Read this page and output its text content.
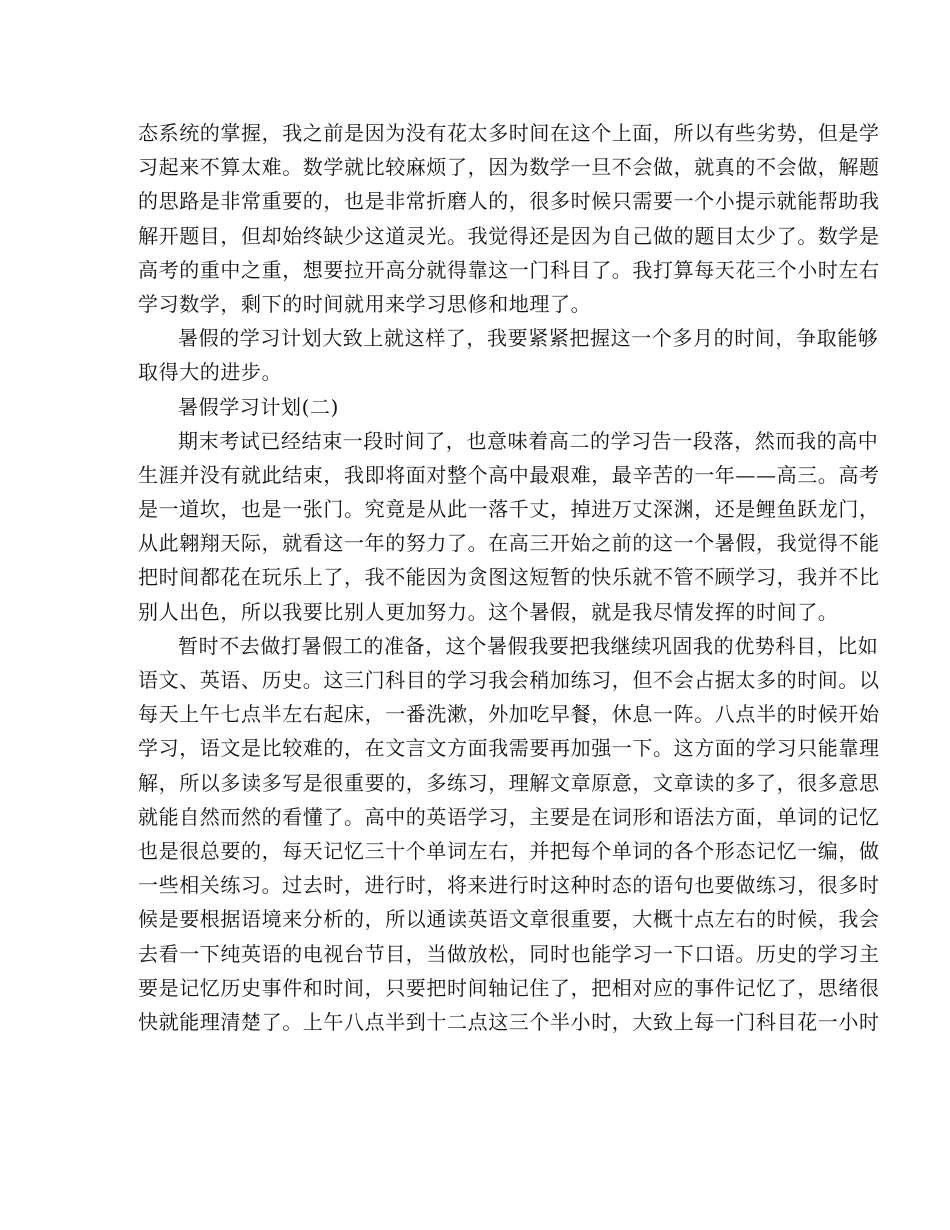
态系统的掌握，我之前是因为没有花太多时间在这个上面，所以有些劣势，但是学
习起来不算太难。数学就比较麻烦了，因为数学一旦不会做，就真的不会做，解题
的思路是非常重要的，也是非常折磨人的，很多时候只需要一个小提示就能帮助我
解开题目，但却始终缺少这道灵光。我觉得还是因为自己做的题目太少了。数学是
高考的重中之重，想要拉开高分就得靠这一门科目了。我打算每天花三个小时左右
学习数学，剩下的时间就用来学习思修和地理了。
暑假的学习计划大致上就这样了，我要紧紧把握这一个多月的时间，争取能够
取得大的进步。
暑假学习计划(二)
期末考试已经结束一段时间了，也意味着高二的学习告一段落，然而我的高中
生涯并没有就此结束，我即将面对整个高中最艰难，最辛苦的一年——高三。高考
是一道坎，也是一张门。究竟是从此一落千丈，掉进万丈深渊，还是鲤鱼跃龙门，
从此翱翔天际，就看这一年的努力了。在高三开始之前的这一个暑假，我觉得不能
把时间都花在玩乐上了，我不能因为贪图这短暂的快乐就不管不顾学习，我并不比
别人出色，所以我要比别人更加努力。这个暑假，就是我尽情发挥的时间了。
暂时不去做打暑假工的准备，这个暑假我要把我继续巩固我的优势科目，比如
语文、英语、历史。这三门科目的学习我会稍加练习，但不会占据太多的时间。以
每天上午七点半左右起床，一番洗漱，外加吃早餐，休息一阵。八点半的时候开始
学习，语文是比较难的，在文言文方面我需要再加强一下。这方面的学习只能靠理
解，所以多读多写是很重要的，多练习，理解文章原意，文章读的多了，很多意思
就能自然而然的看懂了。高中的英语学习，主要是在词形和语法方面，单词的记忆
也是很总要的，每天记忆三十个单词左右，并把每个单词的各个形态记忆一编，做
一些相关练习。过去时，进行时，将来进行时这种时态的语句也要做练习，很多时
候是要根据语境来分析的，所以通读英语文章很重要，大概十点左右的时候，我会
去看一下纯英语的电视台节目，当做放松，同时也能学习一下口语。历史的学习主
要是记忆历史事件和时间，只要把时间轴记住了，把相对应的事件记忆了，思绪很
快就能理清楚了。上午八点半到十二点这三个半小时，大致上每一门科目花一小时
